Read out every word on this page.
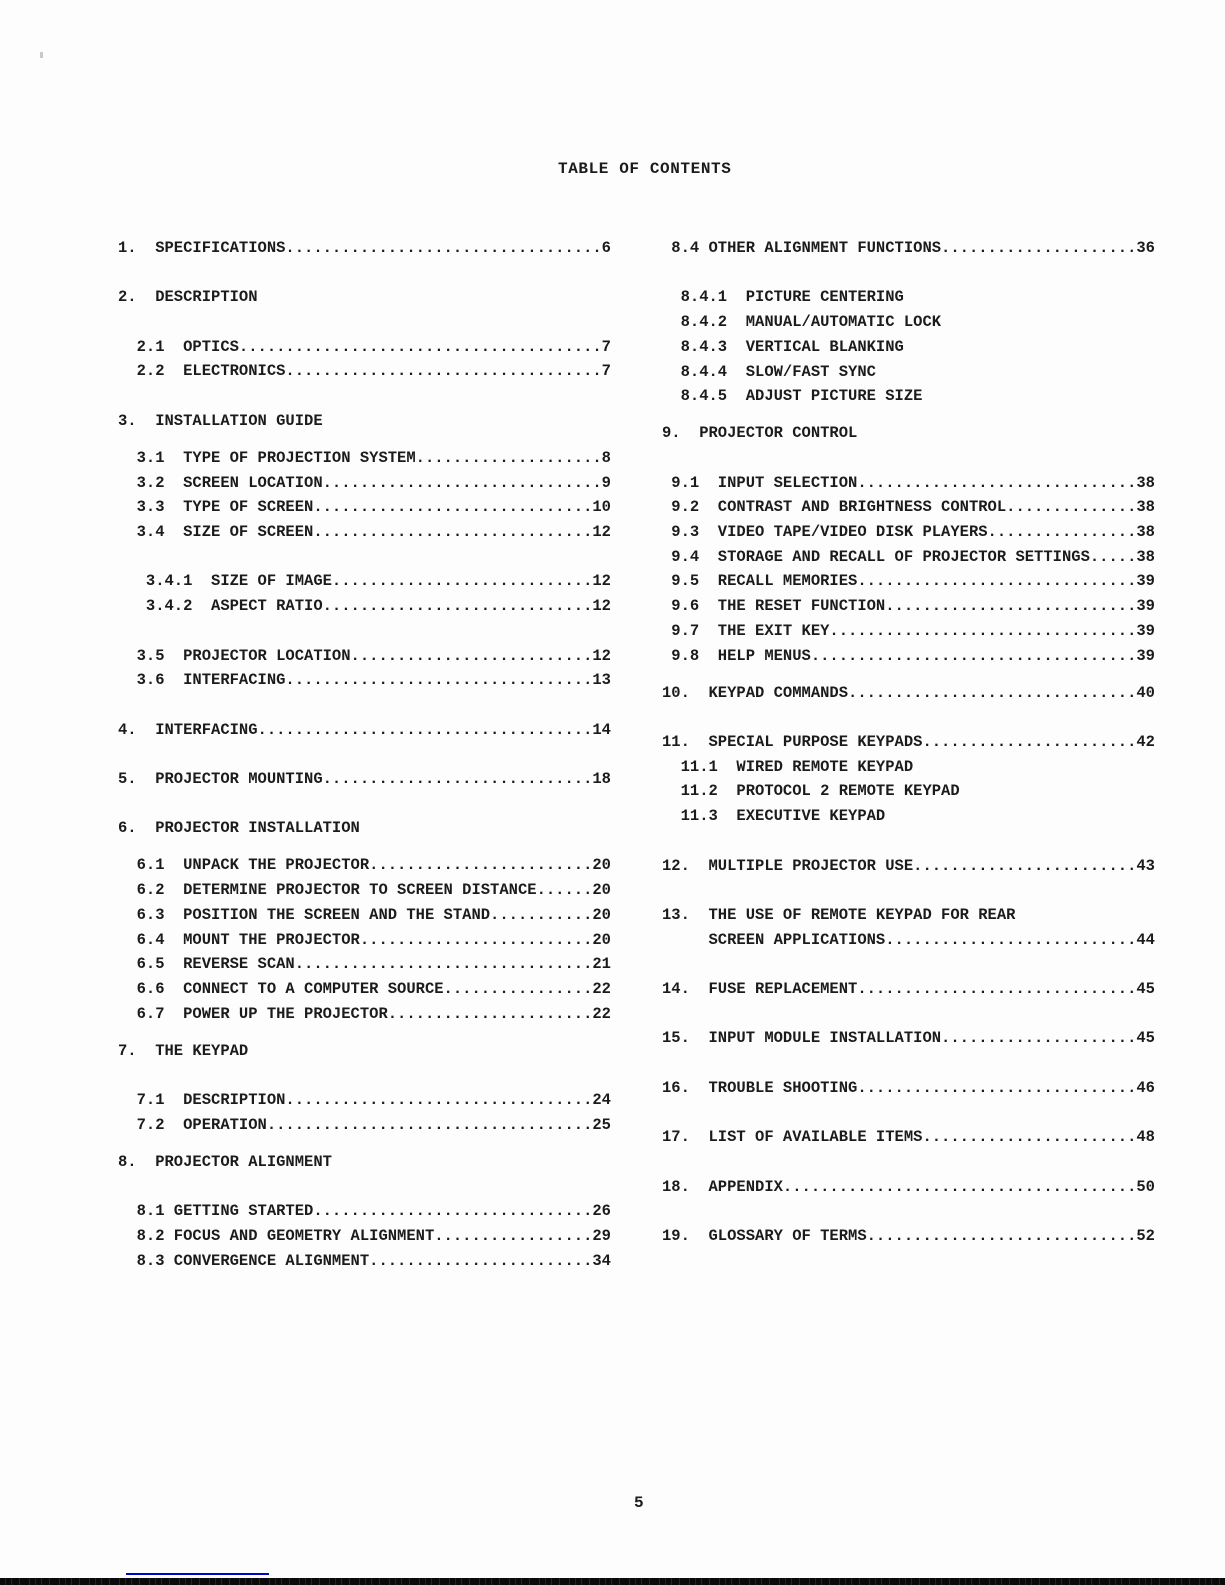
TABLE OF CONTENTS
1.  SPECIFICATIONS..................................6
2.  DESCRIPTION
2.1  OPTICS.......................................7
2.2  ELECTRONICS..................................7
3.  INSTALLATION GUIDE
3.1  TYPE OF PROJECTION SYSTEM....................8
3.2  SCREEN LOCATION..............................9
3.3  TYPE OF SCREEN..............................10
3.4  SIZE OF SCREEN..............................12
3.4.1  SIZE OF IMAGE............................12
3.4.2  ASPECT RATIO.............................12
3.5  PROJECTOR LOCATION..........................12
3.6  INTERFACING.................................13
4.  INTERFACING....................................14
5.  PROJECTOR MOUNTING.............................18
6.  PROJECTOR INSTALLATION
6.1  UNPACK THE PROJECTOR........................20
6.2  DETERMINE PROJECTOR TO SCREEN DISTANCE......20
6.3  POSITION THE SCREEN AND THE STAND...........20
6.4  MOUNT THE PROJECTOR.........................20
6.5  REVERSE SCAN................................21
6.6  CONNECT TO A COMPUTER SOURCE................22
6.7  POWER UP THE PROJECTOR......................22
7.  THE KEYPAD
7.1  DESCRIPTION.................................24
7.2  OPERATION...................................25
8.  PROJECTOR ALIGNMENT
8.1 GETTING STARTED..............................26
8.2 FOCUS AND GEOMETRY ALIGNMENT.................29
8.3 CONVERGENCE ALIGNMENT........................34
8.4 OTHER ALIGNMENT FUNCTIONS.....................36
8.4.1  PICTURE CENTERING
8.4.2  MANUAL/AUTOMATIC LOCK
8.4.3  VERTICAL BLANKING
8.4.4  SLOW/FAST SYNC
8.4.5  ADJUST PICTURE SIZE
9.  PROJECTOR CONTROL
9.1  INPUT SELECTION..............................38
9.2  CONTRAST AND BRIGHTNESS CONTROL..............38
9.3  VIDEO TAPE/VIDEO DISK PLAYERS................38
9.4  STORAGE AND RECALL OF PROJECTOR SETTINGS.....38
9.5  RECALL MEMORIES..............................39
9.6  THE RESET FUNCTION...........................39
9.7  THE EXIT KEY.................................39
9.8  HELP MENUS...................................39
10.  KEYPAD COMMANDS...............................40
11.  SPECIAL PURPOSE KEYPADS.......................42
11.1  WIRED REMOTE KEYPAD
11.2  PROTOCOL 2 REMOTE KEYPAD
11.3  EXECUTIVE KEYPAD
12.  MULTIPLE PROJECTOR USE........................43
13.  THE USE OF REMOTE KEYPAD FOR REAR
SCREEN APPLICATIONS...........................44
14.  FUSE REPLACEMENT..............................45
15.  INPUT MODULE INSTALLATION.....................45
16.  TROUBLE SHOOTING..............................46
17.  LIST OF AVAILABLE ITEMS.......................48
18.  APPENDIX......................................50
19.  GLOSSARY OF TERMS.............................52
5
